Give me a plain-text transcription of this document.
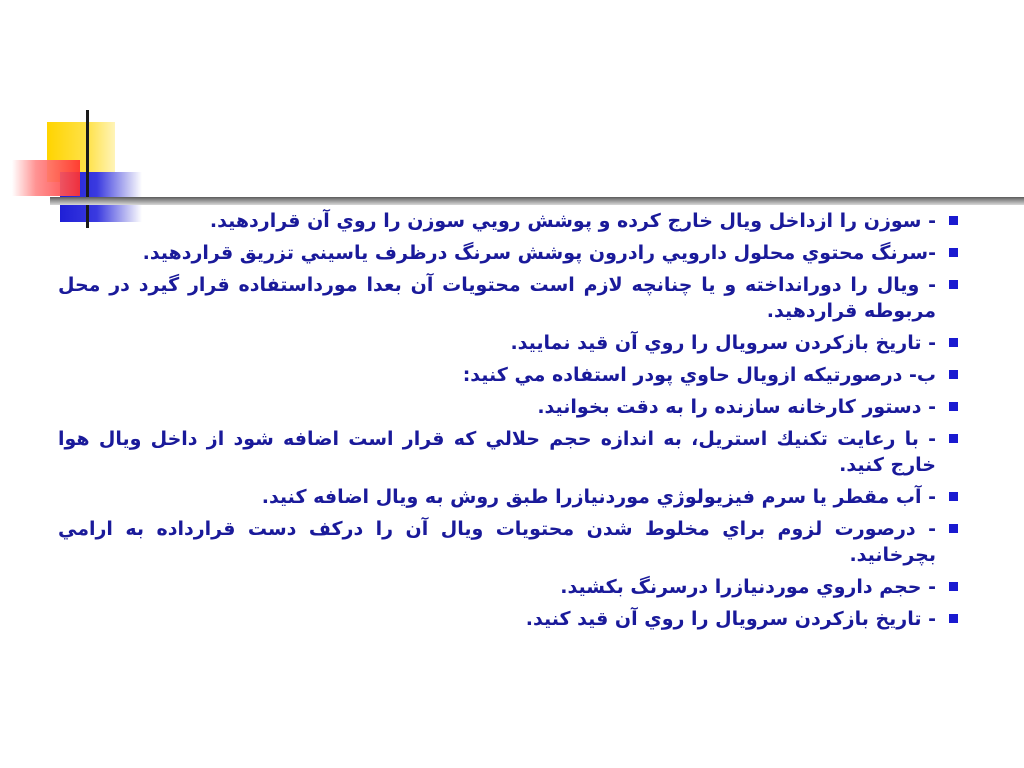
- سوزن را ازداخل ويال خارج كرده و پوشش رويي سوزن را روي آن قراردهيد.
-سرنگ محتوي محلول دارويي رادرون پوشش سرنگ درظرف ياسيني تزريق قراردهيد.
- ويال را دورانداخته و يا چنانچه لازم است محتويات آن بعدا مورداستفاده قرار گيرد در محل مربوطه قراردهيد.
- تاريخ بازكردن سرويال را روي آن قيد نماييد.
ب- درصورتيكه ازويال حاوي پودر استفاده مي كنيد:
- دستور كارخانه سازنده را به دقت بخوانيد.
- با رعايت تكنيك استريل، به اندازه حجم حلالي كه قرار است اضافه شود از داخل ويال هوا خارج كنيد.
- آب مقطر يا سرم فيزيولوژي موردنيازرا طبق روش به ويال اضافه كنيد.
- درصورت لزوم براي مخلوط شدن محتويات ويال آن را دركف دست قرارداده به ارامي بچرخانيد.
- حجم داروي موردنيازرا درسرنگ بكشيد.
- تاريخ بازكردن سرويال را روي آن قيد كنيد.
